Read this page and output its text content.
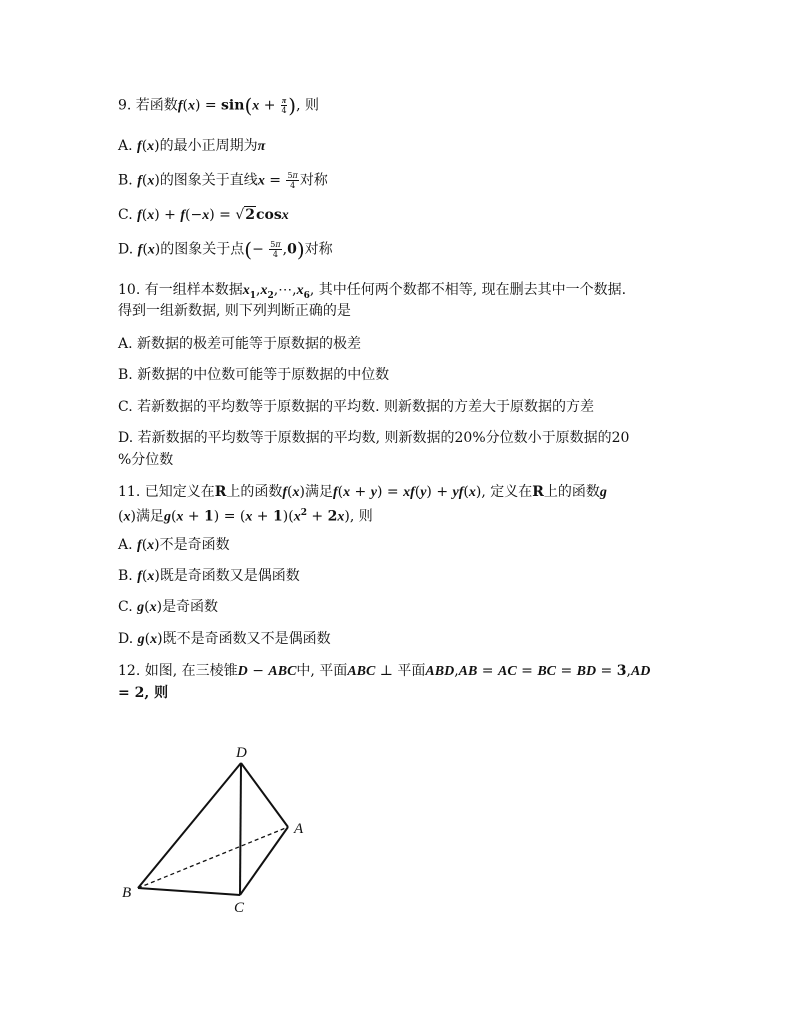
9. 若函数$f(x) = \sin(x + \frac{\pi}{4}$ ), 则
A. f(x)的最小正周期为π
B. f(x)的图象关于直线$x = \frac{5\pi}{4}$ 对称
C. f(x) + f(−x) = √2cosx
D. f(x)的图象关于点(− $\frac{5\pi}{4} ,0$)对称
10. 有一组样本数据$x_1,x_2,\cdots,x_6$, 其中任何两个数都不相等, 现在删去其中一个数据.
得到一组新数据, 则下列判断正确的是
A. 新数据的极差可能等于原数据的极差
B. 新数据的中位数可能等于原数据的中位数
C. 若新数据的平均数等于原数据的平均数. 则新数据的方差大于原数据的方差
D. 若新数据的平均数等于原数据的平均数, 则新数据的20%分位数小于原数据的20
%分位数
11. 已知定义在R上的函数f(x)满足f(x + y) = xf(y) + yf(x), 定义在R上的函数g
(x)满足$g(x + 1) = (x + 1)(x^2 + 2x)$, 则
A. f(x)不是奇函数
B. f(x)既是奇函数又是偶函数
C. g(x)是奇函数
D. g(x)既不是奇函数又不是偶函数
12. 如图, 在三棱锥D − ABC中, 平面ABC ⊥ 平面ABD,AB = AC = BC = BD = 3,AD
= 2, 则
D
A
B
C
